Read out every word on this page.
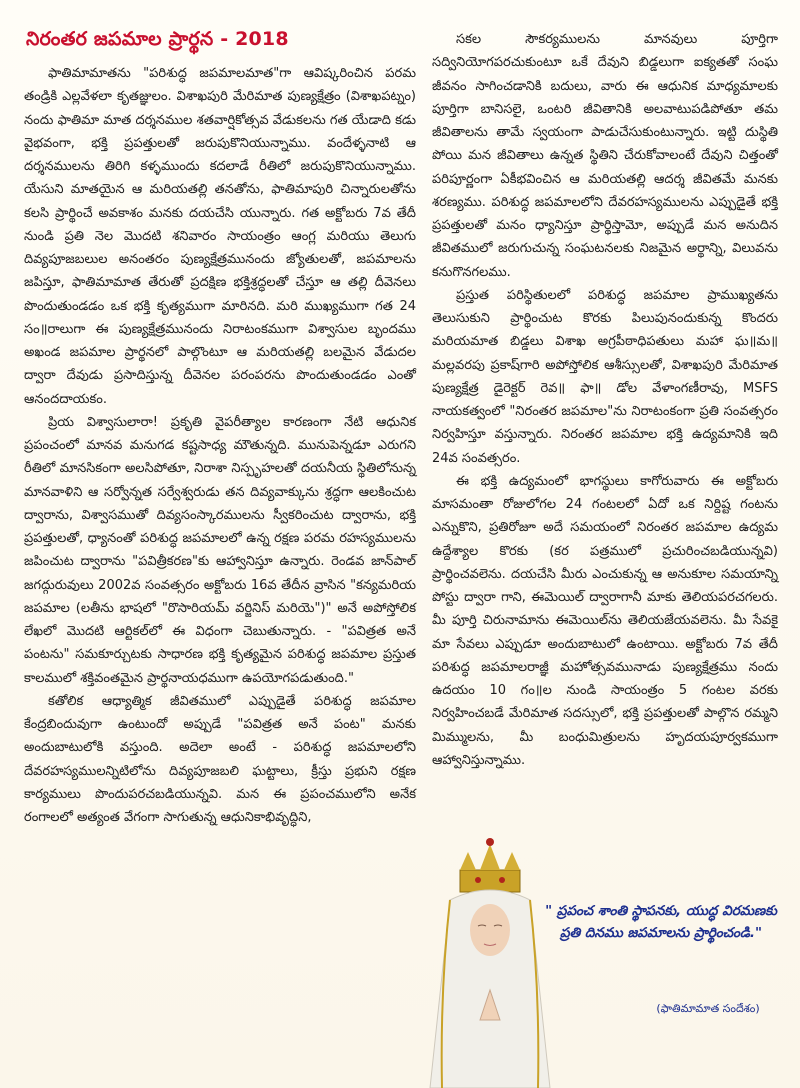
నిరంతర జపమాల ప్రార్థన - 2018

ఫాతిమామాతను "పరిశుద్ధ జపమాలమాత"గా ఆవిష్కరించిన పరమ తండ్రికి ఎల్లవేళలా కృతజ్ఞులం. విశాఖపురి మేరిమాత పుణ్యక్షేత్రం (విశాఖపట్నం) నందు ఫాతిమా మాత దర్శనముల శతవార్షికోత్సవ వేడుకలను గత యేడాది కడు వైభవంగా, భక్తి ప్రపత్తులతో జరుపుకొనియున్నాము. వందేళ్ళనాటి ఆ దర్శనములను తిరిగి కళ్ళముందు కదలాడే రీతిలో జరుపుకొనియున్నాము. యేసుని మాతయైన ఆ మరియతల్లి తనతోను, ఫాతిమాపురి చిన్నారులతోను కలసి ప్రార్థించే అవకాశం మనకు దయచేసి యున్నారు. గత అక్టోబరు 7వ తేదీ నుండి ప్రతి నెల మొదటి శనివారం సాయంత్రం ఆంగ్ల మరియు తెలుగు దివ్యపూజబలుల అనంతరం పుణ్యక్షేత్రమునందు జ్యోతులతో, జపమాలను జపిస్తూ, ఫాతిమామాత తేరుతో ప్రదక్షిణ భక్తిశ్రద్ధలతో చేస్తూ ఆ తల్లి దీవెనలు పొందుతుండడం ఒక భక్తి కృత్యముగా మారినది. మరి ముఖ్యముగా గత 24 సం॥రాలుగా ఈ పుణ్యక్షేత్రమునందు నిరాటంకముగా విశ్వాసుల బృందము అఖండ జపమాల ప్రార్థనలో పాల్గొంటూ ఆ మరియతల్లి బలమైన వేడుదల ద్వారా దేవుడు ప్రసాదిస్తున్న దీవెనల పరంపరను పొందుతుండడం ఎంతో ఆనందదాయకం.

ప్రియ విశ్వాసులారా! ప్రకృతి వైపరీత్యాల కారణంగా నేటి ఆధునిక ప్రపంచంలో మానవ మనుగడ కష్టసాధ్య మౌతున్నది. మునుపెన్నడూ ఎరుగని రీతిలో మానసికంగా అలసిపోతూ, నిరాశా నిస్పృహలతో దయనీయ స్థితిలోనున్న మానవాళిని ఆ సర్వోన్నత సర్వేశ్వరుడు తన దివ్యవాక్కును శ్రద్ధగా ఆలకించుట ద్వారాను, విశ్వాసముతో దివ్యసంస్కారములను స్వీకరించుట ద్వారాను, భక్తి ప్రపత్తులతో, ధ్యానంతో పరిశుద్ధ జపమాలలో ఉన్న రక్షణ పరమ రహస్యములను జపించుట ద్వారాను "పవిత్రీకరణ"కు ఆహ్వానిస్తూ ఉన్నారు. రెండవ జాన్‌పాల్ జగద్గురువులు 2002వ సంవత్సరం అక్టోబరు 16వ తేదీన వ్రాసిన "కన్యమరియ జపమాల (లతీను భాషలో "రొసారియమ్ వర్జినిస్ మరియె")" అనే అపోస్తోలిక లేఖలో మొదటి ఆర్టికల్‌లో ఈ విధంగా చెబుతున్నారు. - "పవిత్రత అనే పంటను" సమకూర్చుటకు సాధారణ భక్తి కృత్యమైన పరిశుద్ధ జపమాల ప్రస్తుత కాలములో శక్తివంతమైన ప్రార్థనాయధముగా ఉపయోగపడుతుంది."

కతోలిక ఆధ్యాత్మిక జీవితములో ఎప్పుడైతే పరిశుద్ధ జపమాల కేంద్రబిందువుగా ఉంటుందో అప్పుడే "పవిత్రత అనే పంట" మనకు అందుబాటులోకి వస్తుంది. అదెలా అంటే - పరిశుద్ధ జపమాలలోని దేవరహస్యములన్నిటిలోను దివ్యపూజబలి ఘట్టాలు, క్రీస్తు ప్రభుని రక్షణ కార్యములు పొందుపరచబడియున్నవి. మన ఈ ప్రపంచములోని అనేక రంగాలలో అత్యంత వేగంగా సాగుతున్న ఆధునికాభివృద్ధిని,

సకల సౌకర్యములను మానవులు పూర్తిగా సద్వినియోగపరచుకుంటూ ఒకే దేవుని బిడ్డలుగా ఐక్యతతో సంఘ జీవనం సాగించడానికి బదులు, వారు ఈ ఆధునిక మాధ్యమాలకు పూర్తిగా బానిసలై, ఒంటరి జీవితానికి అలవాటుపడిపోతూ తమ జీవితాలను తామే స్వయంగా పాడుచేసుకుంటున్నారు. ఇట్టి దుస్థితి పోయి మన జీవితాలు ఉన్నత స్థితిని చేరుకోవాలంటే దేవుని చిత్తంతో పరిపూర్ణంగా ఏకీభవించిన ఆ మరియతల్లి ఆదర్శ జీవితమే మనకు శరణ్యము. పరిశుద్ధ జపమాలలోని దేవరహస్యములను ఎప్పుడైతే భక్తి ప్రపత్తులతో మనం ధ్యానిస్తూ ప్రార్థిస్తామో, అప్పుడే మన అనుదిన జీవితములో జరుగుచున్న సంఘటనలకు నిజమైన అర్థాన్ని, విలువను కనుగొనగలము.

ప్రస్తుత పరిస్థితులలో పరిశుద్ధ జపమాల ప్రాముఖ్యతను తెలుసుకుని ప్రార్థించుట కొరకు పిలుపునందుకున్న కొందరు మరియమాత బిడ్డలు విశాఖ అగ్రపీఠాధిపతులు మహా ఘ॥మ॥ మల్లవరపు ప్రకాష్‌గారి అపోస్తోలిక ఆశీస్సులతో, విశాఖపురి మేరిమాత పుణ్యక్షేత్ర డైరెక్టర్ రెవ॥ ఫా॥ డోల వేళాంగణీరావు, MSFS నాయకత్వంలో "నిరంతర జపమాల"ను నిరాటంకంగా ప్రతి సంవత్సరం నిర్వహిస్తూ వస్తున్నారు. నిరంతర జపమాల భక్తి ఉద్యమానికి ఇది 24వ సంవత్సరం.

ఈ భక్తి ఉద్యమంలో భాగస్థులు కాగోరువారు ఈ అక్టోబరు మాసమంతా రోజులోగల 24 గంటలలో ఏదో ఒక నిర్దిష్ట గంటను ఎన్నుకొని, ప్రతిరోజూ అదే సమయంలో నిరంతర జపమాల ఉద్యమ ఉద్దేశ్యాల కొరకు (కర పత్రములో ప్రచురించబడియున్నవి) ప్రార్థించవలెను. దయచేసి మీరు ఎంచుకున్న ఆ అనుకూల సమయాన్ని పోస్టు ద్వారా గాని, ఈమెయిల్ ద్వారాగానీ మాకు తెలియపరచగలరు. మీ పూర్తి చిరునామాను ఈమెయిల్‌ను తెలియజేయవలెను. మీ సేవకై మా సేవలు ఎప్పుడూ అందుబాటులో ఉంటాయి. అక్టోబరు 7వ తేదీ పరిశుద్ధ జపమాలరాజ్ఞీ మహోత్సవమునాడు పుణ్యక్షేత్రము నందు ఉదయం 10 గం॥ల నుండి సాయంత్రం 5 గంటల వరకు నిర్వహించబడే మేరిమాత సదస్సులో, భక్తి ప్రపత్తులతో పాల్గొన రమ్మని మిమ్ములను, మీ బంధుమిత్రులను హృదయపూర్వకముగా ఆహ్వానిస్తున్నాము.

" ప్రపంచ శాంతి స్థాపనకు, యుద్ధ విరమణకు ప్రతి దినము జపమాలను ప్రార్థించండి."
(ఫాతిమామాత సందేశం)
